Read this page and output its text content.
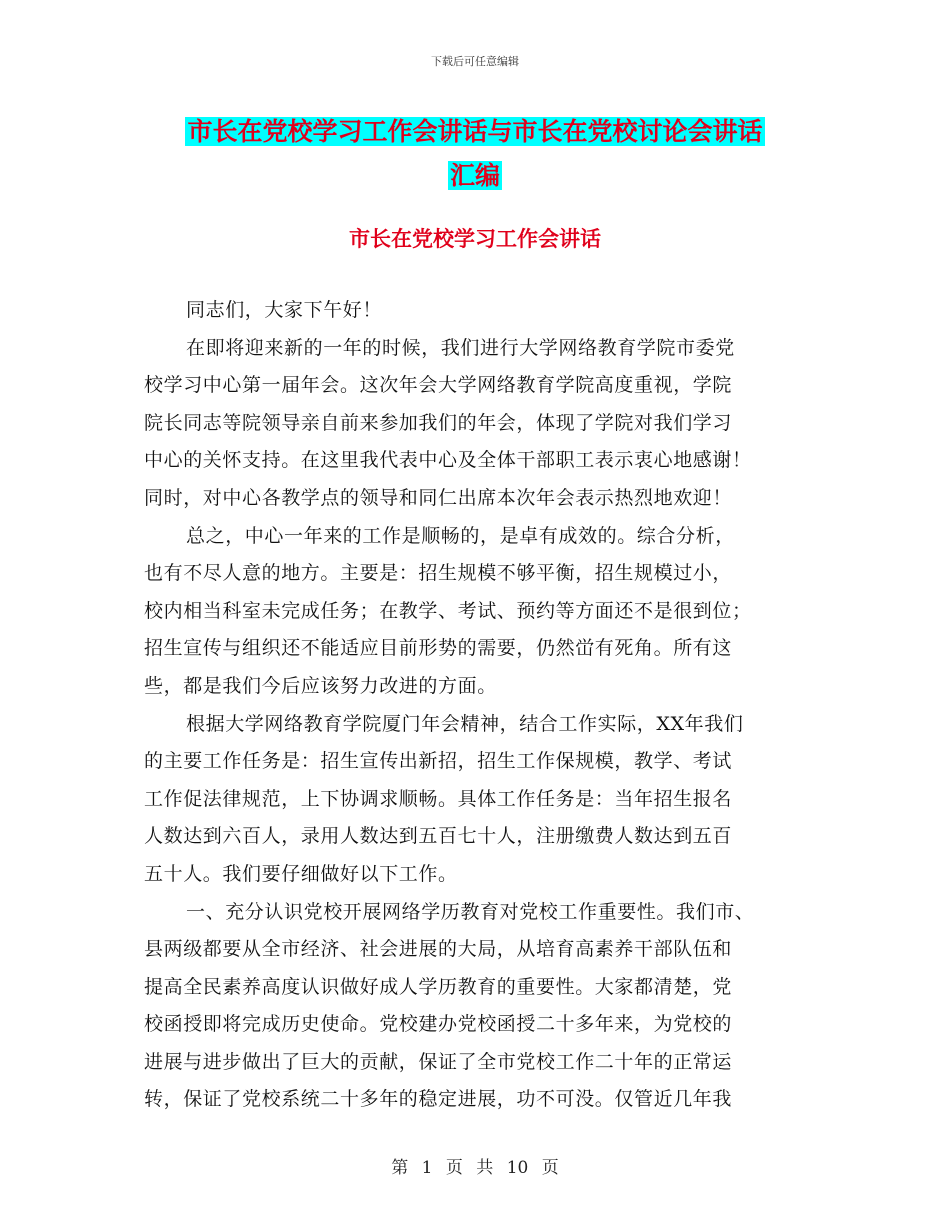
下载后可任意编辑
市长在党校学习工作会讲话与市长在党校讨论会讲话
汇编
市长在党校学习工作会讲话

同志们，大家下午好！

在即将迎来新的一年的时候，我们进行大学网络教育学院市委党

校学习中心第一届年会。这次年会大学网络教育学院高度重视，学院

院长同志等院领导亲自前来参加我们的年会，体现了学院对我们学习

中心的关怀支持。在这里我代表中心及全体干部职工表示衷心地感谢！

同时，对中心各教学点的领导和同仁出席本次年会表示热烈地欢迎！

总之，中心一年来的工作是顺畅的，是卓有成效的。综合分析，

也有不尽人意的地方。主要是：招生规模不够平衡，招生规模过小，

校内相当科室未完成任务；在教学、考试、预约等方面还不是很到位；

招生宣传与组织还不能适应目前形势的需要，仍然峃有死角。所有这

些，都是我们今后应该努力改进的方面。

根据大学网络教育学院厦门年会精神，结合工作实际，XX年我们

的主要工作任务是：招生宣传出新招，招生工作保规模，教学、考试

工作促法律规范，上下协调求顺畅。具体工作任务是：当年招生报名

人数达到六百人，录用人数达到五百七十人，注册缴费人数达到五百

五十人。我们要仔细做好以下工作。

一、充分认识党校开展网络学历教育对党校工作重要性。我们市、

县两级都要从全市经济、社会进展的大局，从培育高素养干部队伍和

提高全民素养高度认识做好成人学历教育的重要性。大家都清楚，党

校函授即将完成历史使命。党校建办党校函授二十多年来，为党校的

进展与进步做出了巨大的贡献，保证了全市党校工作二十年的正常运

转，保证了党校系统二十多年的稳定进展，功不可没。仅管近几年我

第 1 页 共 10 页
